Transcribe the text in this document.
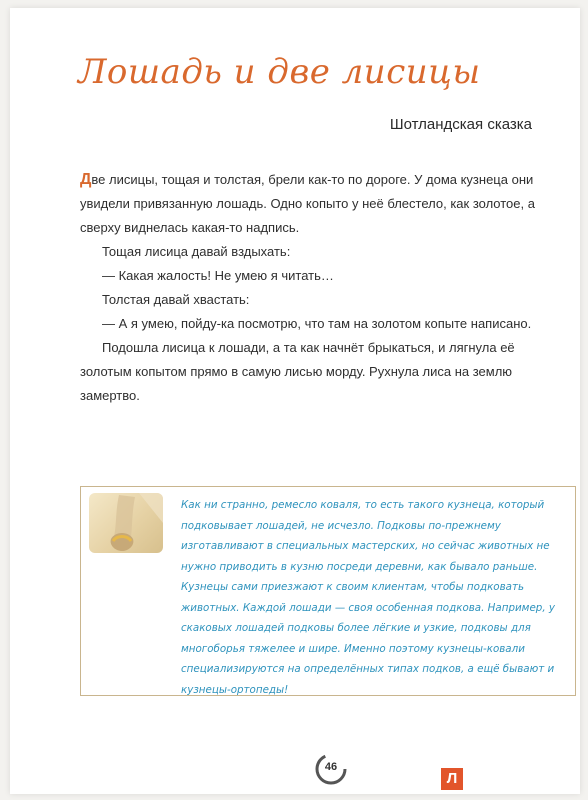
Лошадь и две лисицы
Шотландская сказка

Две лисицы, тощая и толстая, брели как-то по дороге. У дома кузнеца они увидели привязанную лошадь. Одно копыто у неё блестело, как золотое, а сверху виднелась какая-то надпись.

Тощая лисица давай вздыхать:

— Какая жалость! Не умею я читать…

Толстая давай хвастать:

— А я умею, пойду-ка посмотрю, что там на золотом копыте написано.

Подошла лисица к лошади, а та как начнёт брыкаться, и лягнула её золотым копытом прямо в самую лисью морду. Рухнула лиса на землю замертво.

Как ни странно, ремесло коваля, то есть такого кузнеца, который подковывает лошадей, не исчезло. Подковы по-прежнему изготавливают в специальных мастерских, но сейчас животных не нужно приводить в кузню посреди деревни, как бывало раньше. Кузнецы сами приезжают к своим клиентам, чтобы подковать животных. Каждой лошади — своя особенная подкова. Например, у скаковых лошадей подковы более лёгкие и узкие, подковы для многоборья тяжелее и шире. Именно поэтому кузнецы-ковали специализируются на определённых типах подков, а ещё бывают и кузнецы-ортопеды!
46
Л
